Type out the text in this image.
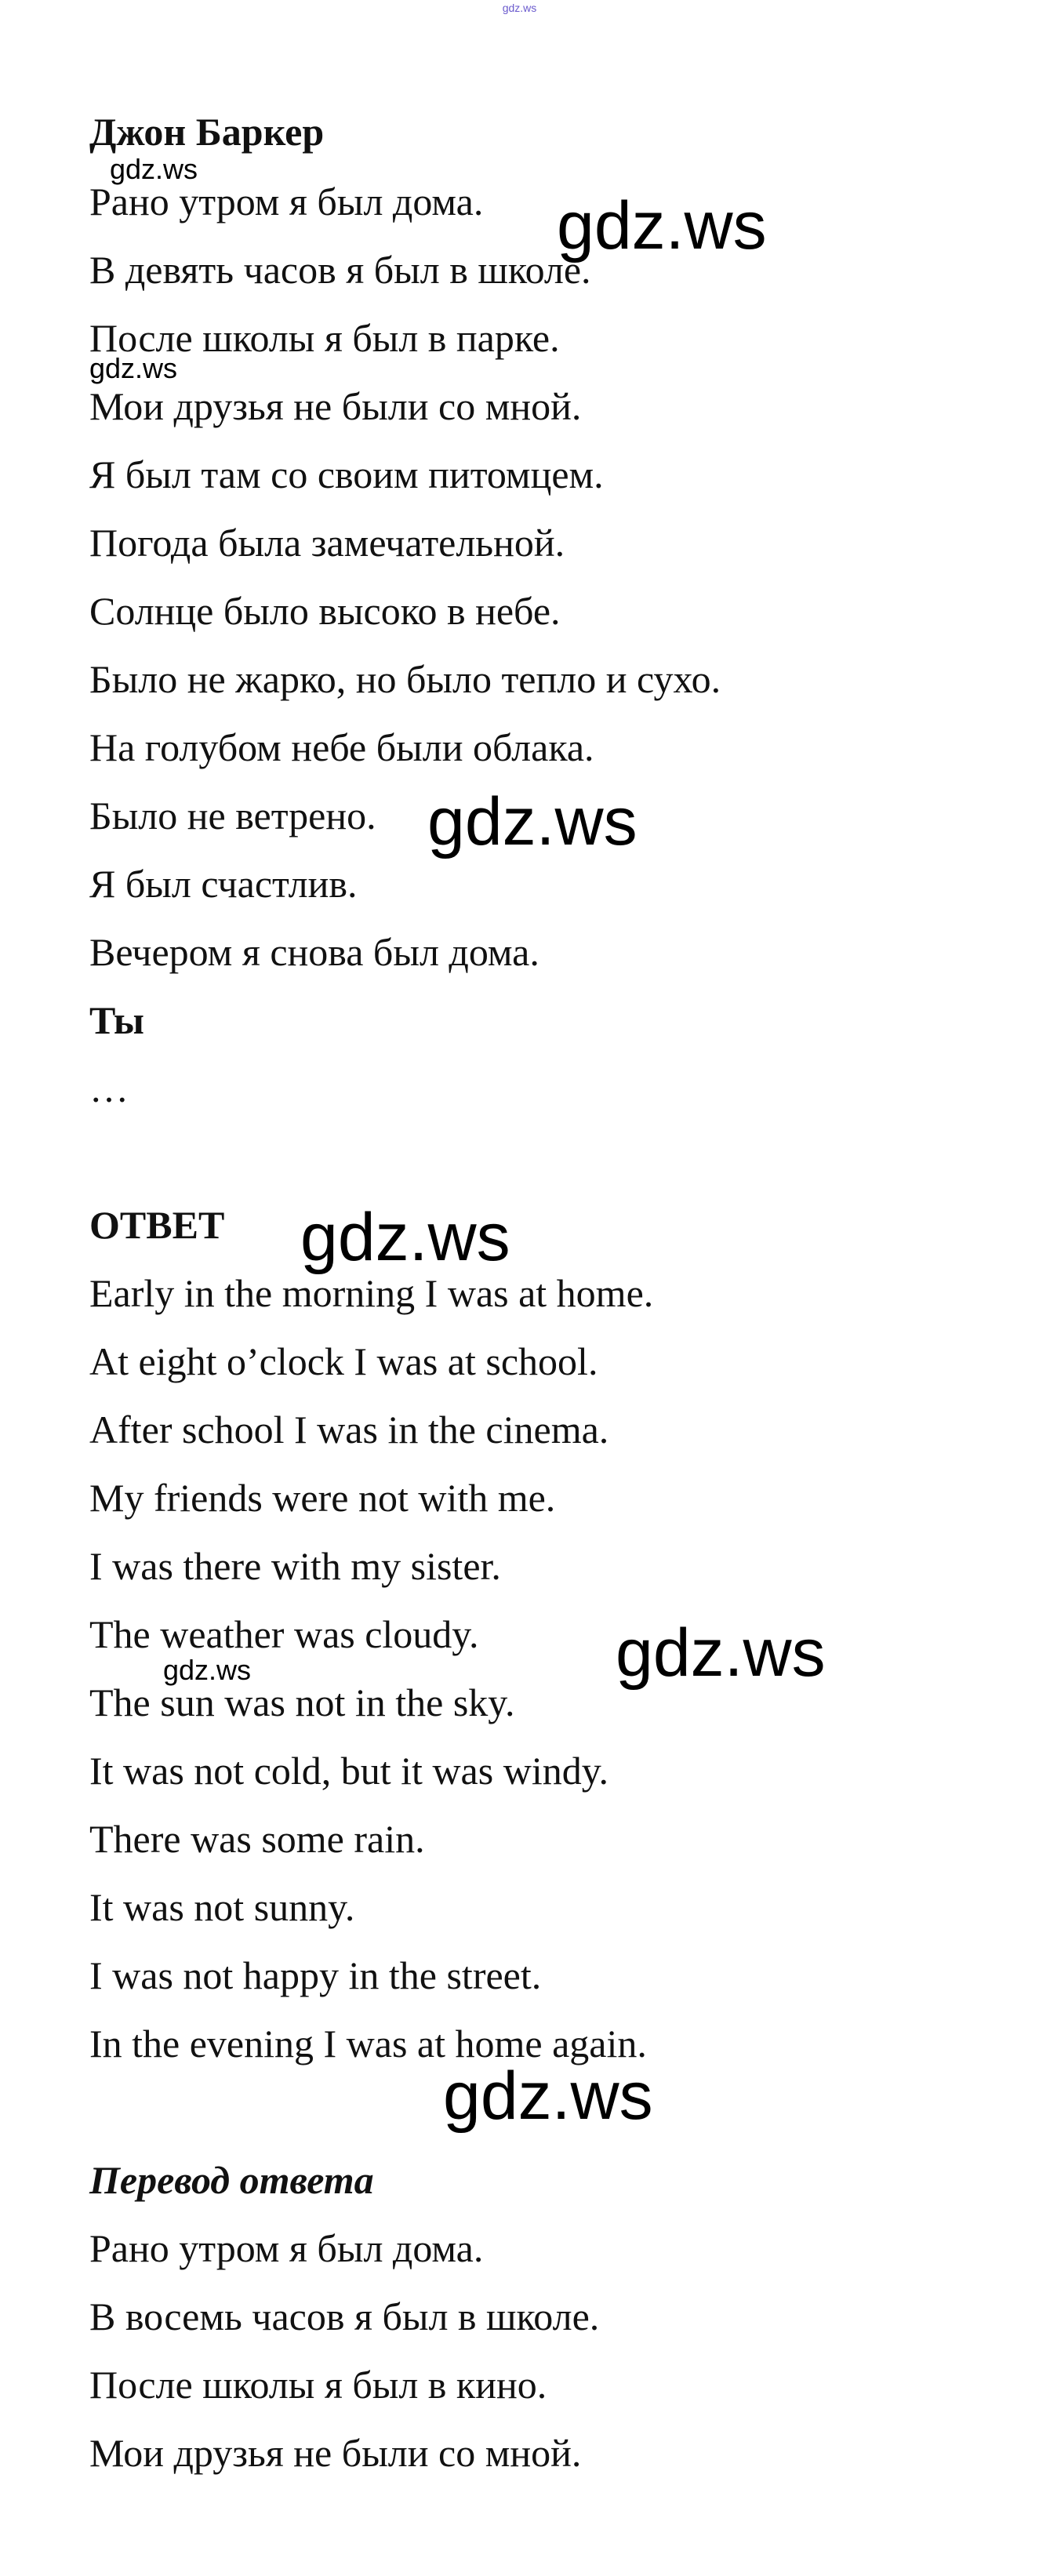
gdz.ws
Джон Баркер
Рано утром я был дома.
В девять часов я был в школе.
После школы я был в парке.
Мои друзья не были со мной.
Я был там со своим питомцем.
Погода была замечательной.
Солнце было высоко в небе.
Было не жарко, но было тепло и сухо.
На голубом небе были облака.
Было не ветрено.
Я был счастлив.
Вечером я снова был дома.
Ты
…
ОТВЕТ
Early in the morning I was at home.
At eight o’clock I was at school.
After school I was in the cinema.
My friends were not with me.
I was there with my sister.
The weather was cloudy.
The sun was not in the sky.
It was not cold, but it was windy.
There was some rain.
It was not sunny.
I was not happy in the street.
In the evening I was at home again.
Перевод ответа
Рано утром я был дома.
В восемь часов я был в школе.
После школы я был в кино.
Мои друзья не были со мной.
gdz.ws
gdz.ws
gdz.ws
gdz.ws
gdz.ws
gdz.ws
gdz.ws
gdz.ws
